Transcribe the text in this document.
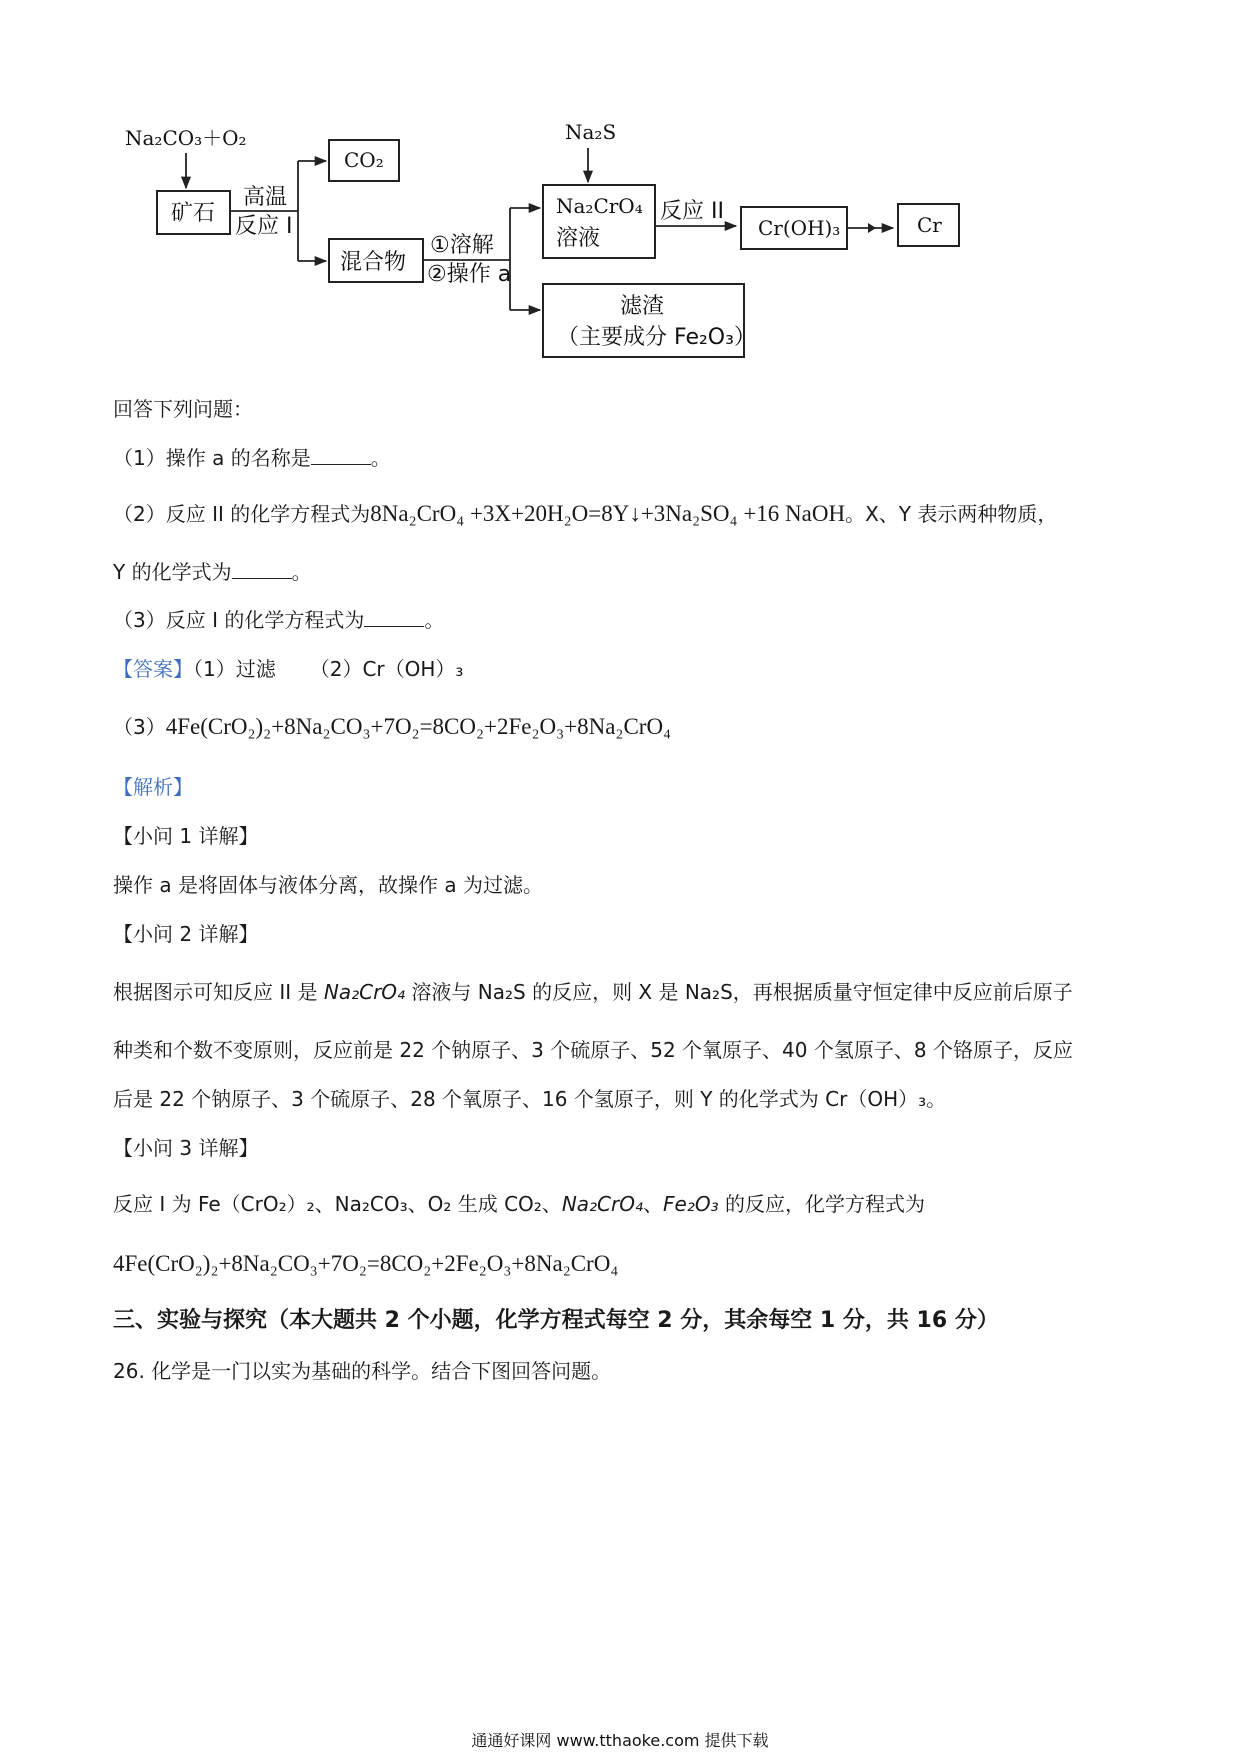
Na₂CO₃＋O₂
矿石
高温
反应 I
CO₂
混合物
①溶解
②操作 a
Na₂S
Na₂CrO₄
溶液
反应 II
Cr(OH)₃	Cr
滤渣
（主要成分 Fe₂O₃）
回答下列问题：
（1）操作 a 的名称是	。
（2）反应 II 的化学方程式为8Na₂CrO₄ +3X+20H₂O=8Y↓+3Na₂SO₄ +16 NaOH。X、Y 表示两种物质，
Y 的化学式为	。
（3）反应 I 的化学方程式为	。
【答案】（1）过滤 （2）Cr（OH）₃
（3）4Fe(CrO₂)₂+8Na₂CO₃+7O₂=8CO₂+2Fe₂O₃+8Na₂CrO₄
【解析】
【小问 1 详解】
操作 a 是将固体与液体分离，故操作 a 为过滤。
【小问 2 详解】
根据图示可知反应 II 是 Na₂CrO₄ 溶液与 Na₂S 的反应，则 X 是 Na₂S，再根据质量守恒定律中反应前后原子
种类和个数不变原则，反应前是 22 个钠原子、3 个硫原子、52 个氧原子、40 个氢原子、8 个铬原子，反应
后是 22 个钠原子、3 个硫原子、28 个氧原子、16 个氢原子，则 Y 的化学式为 Cr（OH）₃。
【小问 3 详解】
反应 I 为 Fe（CrO₂）₂、Na₂CO₃、O₂ 生成 CO₂、Na₂CrO₄、Fe₂O₃ 的反应，化学方程式为
4Fe(CrO₂)₂+8Na₂CO₃+7O₂=8CO₂+2Fe₂O₃+8Na₂CrO₄
三、实验与探究（本大题共 2 个小题，化学方程式每空 2 分，其余每空 1 分，共 16 分）
26. 化学是一门以实为基础的科学。结合下图回答问题。
通通好课网 www.tthaoke.com 提供下载
